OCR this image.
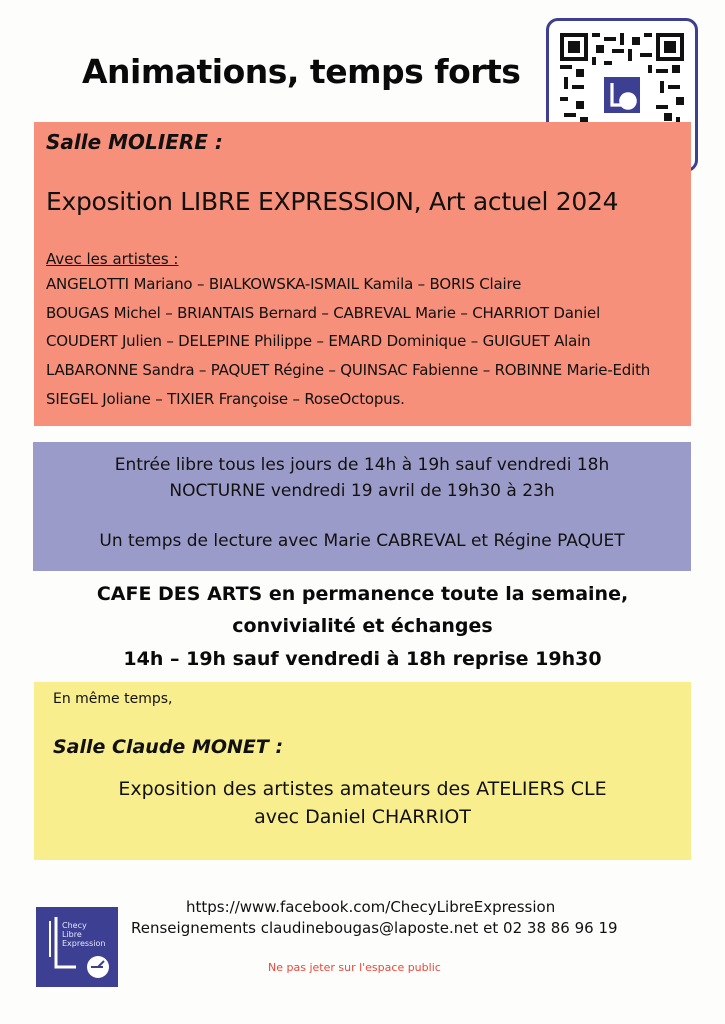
Animations, temps forts
Salle MOLIERE :
Exposition LIBRE EXPRESSION, Art actuel 2024
Avec les artistes :
ANGELOTTI Mariano – BIALKOWSKA-ISMAIL Kamila – BORIS Claire
BOUGAS Michel – BRIANTAIS Bernard – CABREVAL Marie – CHARRIOT Daniel
COUDERT Julien – DELEPINE Philippe – EMARD Dominique – GUIGUET Alain
LABARONNE Sandra – PAQUET Régine – QUINSAC Fabienne – ROBINNE Marie-Edith
SIEGEL Joliane – TIXIER Françoise – RoseOctopus.
Entrée libre tous les jours de 14h à 19h sauf vendredi 18h
NOCTURNE vendredi 19 avril de 19h30 à 23h
Un temps de lecture avec Marie CABREVAL et Régine PAQUET
CAFE DES ARTS en permanence toute la semaine,
convivialité et échanges
14h – 19h sauf vendredi à 18h reprise 19h30
En même temps,
Salle Claude MONET :
Exposition des artistes amateurs des ATELIERS CLE
avec Daniel CHARRIOT
Checy
Libre
Expression
https://www.facebook.com/ChecyLibreExpression
Renseignements claudinebougas@laposte.net et 02 38 86 96 19
Ne pas jeter sur l'espace public
